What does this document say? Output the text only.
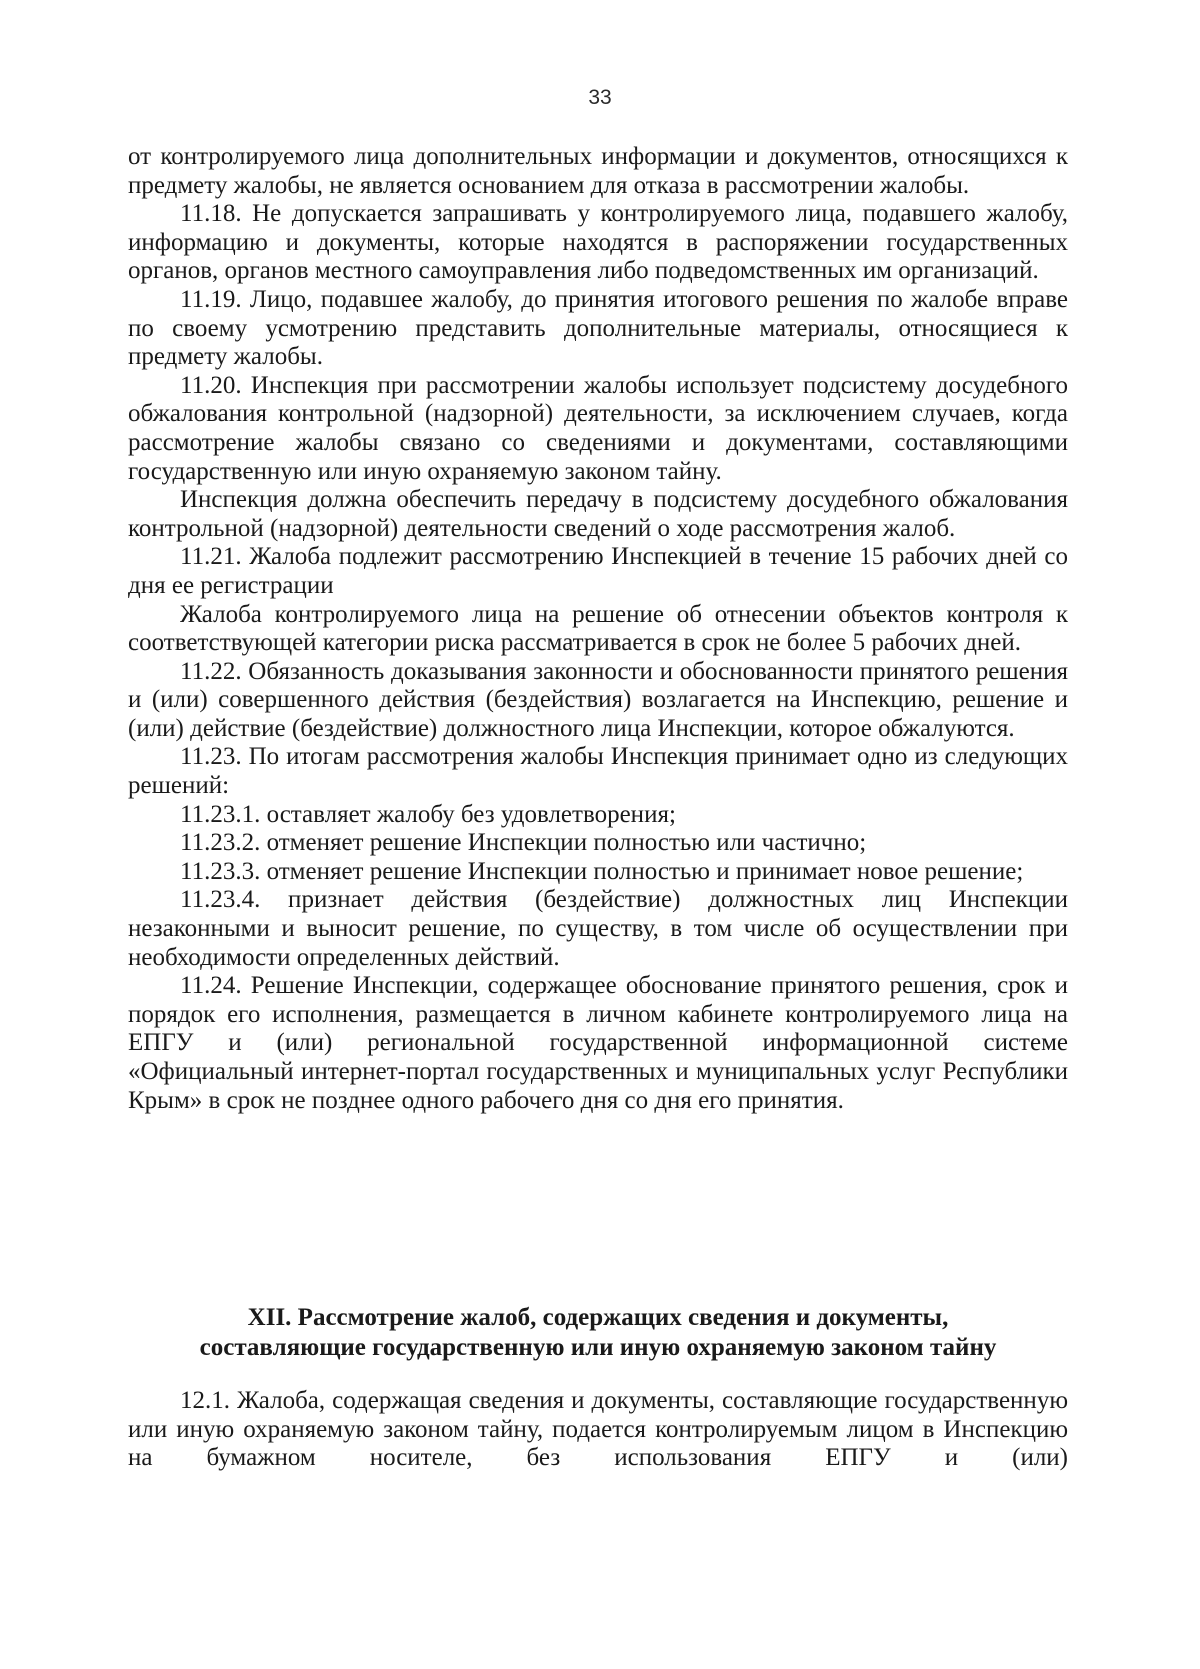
33

от контролируемого лица дополнительных информации и документов, относящихся к предмету жалобы, не является основанием для отказа в рассмотрении жалобы.

11.18. Не допускается запрашивать у контролируемого лица, подавшего жалобу, информацию и документы, которые находятся в распоряжении государственных органов, органов местного самоуправления либо подведомственных им организаций.

11.19. Лицо, подавшее жалобу, до принятия итогового решения по жалобе вправе по своему усмотрению представить дополнительные материалы, относящиеся к предмету жалобы.

11.20. Инспекция при рассмотрении жалобы использует подсистему досудебного обжалования контрольной (надзорной) деятельности, за исключением случаев, когда рассмотрение жалобы связано со сведениями и документами, составляющими государственную или иную охраняемую законом тайну.

Инспекция должна обеспечить передачу в подсистему досудебного обжалования контрольной (надзорной) деятельности сведений о ходе рассмотрения жалоб.

11.21. Жалоба подлежит рассмотрению Инспекцией в течение 15 рабочих дней со дня ее регистрации

Жалоба контролируемого лица на решение об отнесении объектов контроля к соответствующей категории риска рассматривается в срок не более 5 рабочих дней.

11.22. Обязанность доказывания законности и обоснованности принятого решения и (или) совершенного действия (бездействия) возлагается на Инспекцию, решение и (или) действие (бездействие) должностного лица Инспекции, которое обжалуются.

11.23. По итогам рассмотрения жалобы Инспекция принимает одно из следующих решений:

11.23.1. оставляет жалобу без удовлетворения;

11.23.2. отменяет решение Инспекции полностью или частично;

11.23.3. отменяет решение Инспекции полностью и принимает новое решение;

11.23.4. признает действия (бездействие) должностных лиц Инспекции незаконными и выносит решение, по существу, в том числе об осуществлении при необходимости определенных действий.

11.24. Решение Инспекции, содержащее обоснование принятого решения, срок и порядок его исполнения, размещается в личном кабинете контролируемого лица на ЕПГУ и (или) региональной государственной информационной системе «Официальный интернет-портал государственных и муниципальных услуг Республики Крым» в срок не позднее одного рабочего дня со дня его принятия.

XII. Рассмотрение жалоб, содержащих сведения и документы,
составляющие государственную или иную охраняемую законом тайну

12.1. Жалоба, содержащая сведения и документы, составляющие государственную или иную охраняемую законом тайну, подается контролируемым лицом в Инспекцию на бумажном носителе, без использования ЕПГУ и (или)
